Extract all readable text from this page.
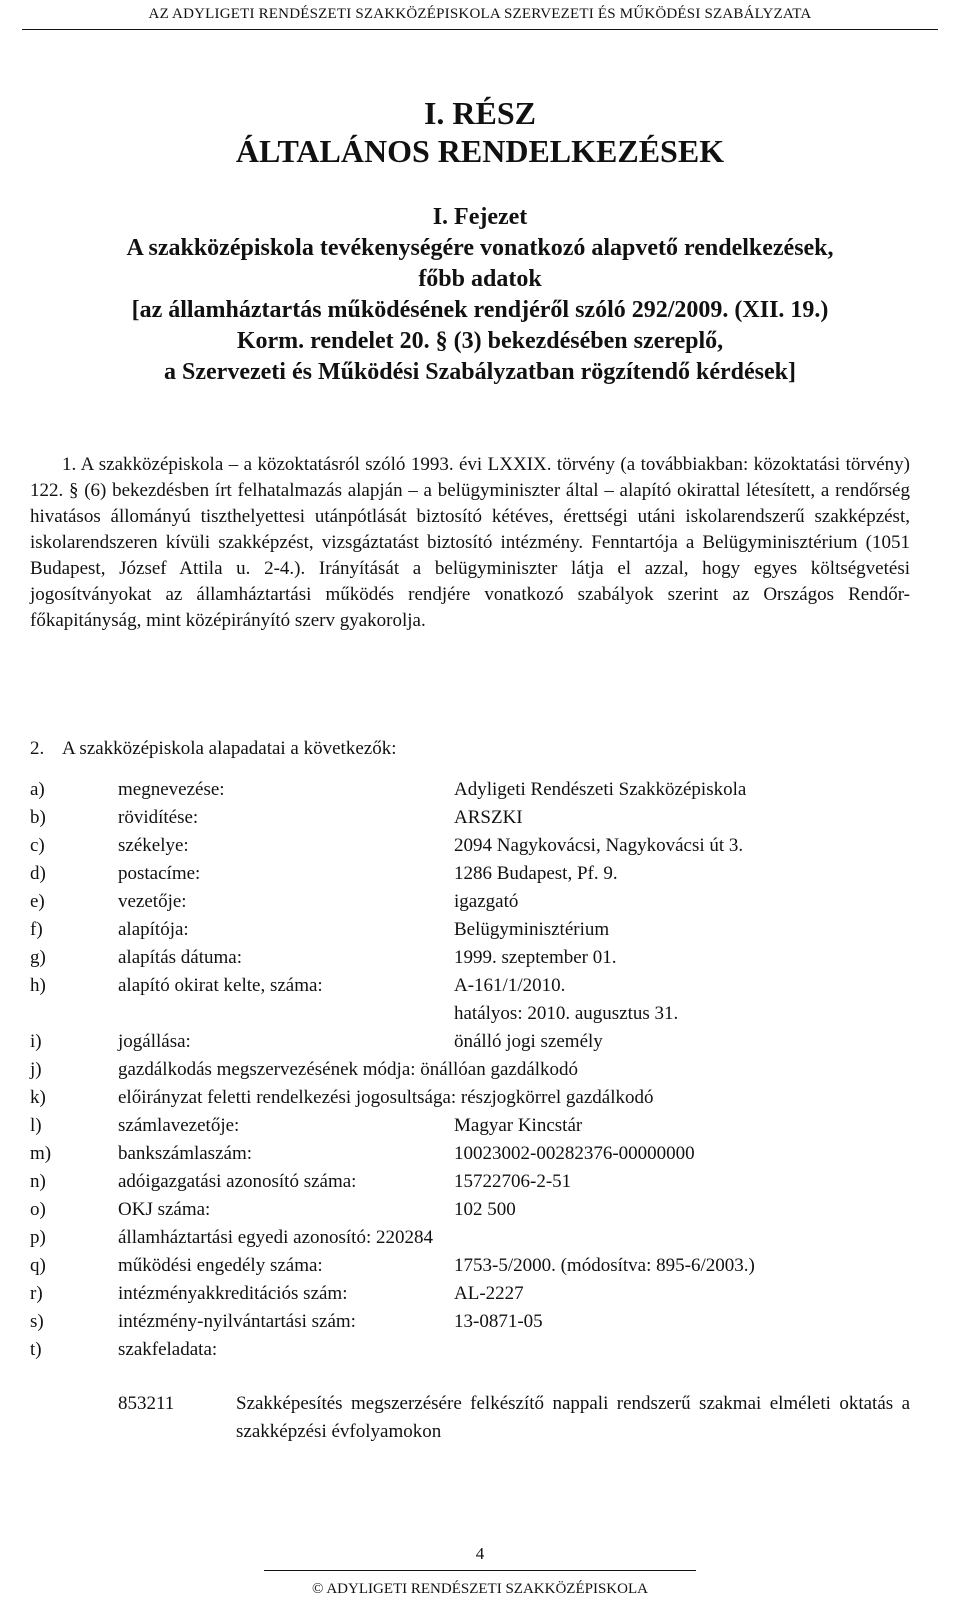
AZ ADYLIGETI RENDÉSZETI SZAKKÖZÉPISKOLA SZERVEZETI ÉS MŰKÖDÉSI SZABÁLYZATA
I. RÉSZ
ÁLTALÁNOS RENDELKEZÉSEK
I. Fejezet
A szakközépiskola tevékenységére vonatkozó alapvető rendelkezések,
főbb adatok
[az államháztartás működésének rendjéről szóló 292/2009. (XII. 19.)
Korm. rendelet 20. § (3) bekezdésében szereplő,
a Szervezeti és Működési Szabályzatban rögzítendő kérdések]
1. A szakközépiskola – a közoktatásról szóló 1993. évi LXXIX. törvény (a továbbiakban: közoktatási törvény) 122. § (6) bekezdésben írt felhatalmazás alapján – a belügyminiszter által – alapító okirattal létesített, a rendőrség hivatásos állományú tiszthelyettesi utánpótlását biztosító kétéves, érettségi utáni iskolarendszerű szakképzést, iskolarendszeren kívüli szakképzést, vizsgáztatást biztosító intézmény. Fenntartója a Belügyminisztérium (1051 Budapest, József Attila u. 2-4.). Irányítását a belügyminiszter látja el azzal, hogy egyes költségvetési jogosítványokat az államháztartási működés rendjére vonatkozó szabályok szerint az Országos Rendőr-főkapitányság, mint középirányító szerv gyakorolja.
2. A szakközépiskola alapadatai a következők:
a)	megnevezése:	Adyligeti Rendészeti Szakközépiskola
b)	rövidítése:	ARSZKI
c)	székelye:	2094 Nagykovácsi, Nagykovácsi út 3.
d)	postacíme:	1286 Budapest, Pf. 9.
e)	vezetője:	igazgató
f)	alapítója:	Belügyminisztérium
g)	alapítás dátuma:	1999. szeptember 01.
h)	alapító okirat kelte, száma:	A-161/1/2010.
hatályos: 2010. augusztus 31.
i)	jogállása:	önálló jogi személy
j)	gazdálkodás megszervezésének módja: önállóan gazdálkodó
k)	előirányzat feletti rendelkezési jogosultsága: részjogkörrel gazdálkodó
l)	számlavezetője:	Magyar Kincstár
m)	bankszámlaszám:	10023002-00282376-00000000
n)	adóigazgatási azonosító száma:	15722706-2-51
o)	OKJ száma:	102 500
p)	államháztartási egyedi azonosító: 220284
q)	működési engedély száma:	1753-5/2000. (módosítva: 895-6/2003.)
r)	intézményakkreditációs szám:	AL-2227
s)	intézmény-nyilvántartási szám:	13-0871-05
t)	szakfeladata:
853211	Szakképesítés megszerzésére felkészítő nappali rendszerű szakmai elméleti oktatás a szakképzési évfolyamokon
4
© ADYLIGETI RENDÉSZETI SZAKKÖZÉPISKOLA
